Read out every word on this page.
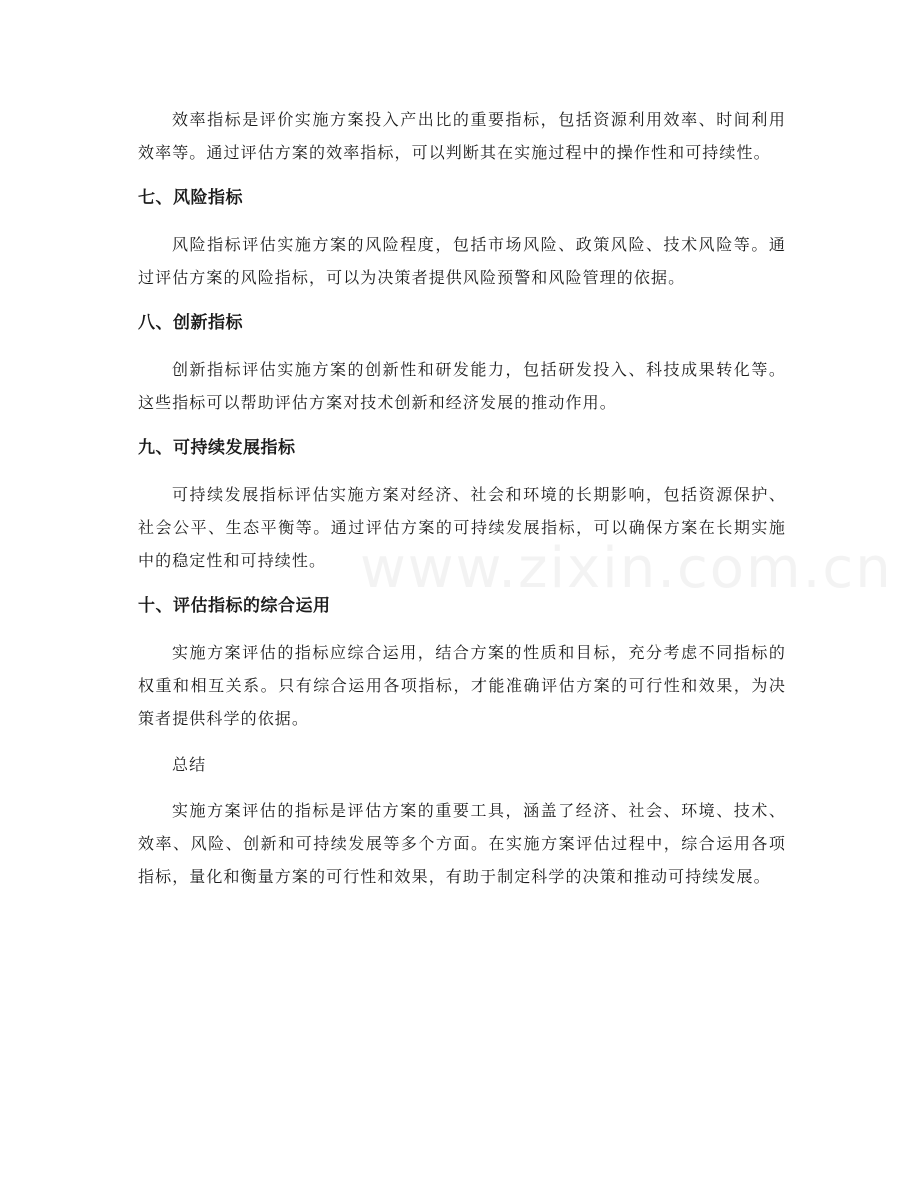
www.zixin.com.cn

效率指标是评价实施方案投入产出比的重要指标，包括资源利用效率、时间利用效率等。通过评估方案的效率指标，可以判断其在实施过程中的操作性和可持续性。

七、风险指标

风险指标评估实施方案的风险程度，包括市场风险、政策风险、技术风险等。通过评估方案的风险指标，可以为决策者提供风险预警和风险管理的依据。

八、创新指标

创新指标评估实施方案的创新性和研发能力，包括研发投入、科技成果转化等。这些指标可以帮助评估方案对技术创新和经济发展的推动作用。

九、可持续发展指标

可持续发展指标评估实施方案对经济、社会和环境的长期影响，包括资源保护、社会公平、生态平衡等。通过评估方案的可持续发展指标，可以确保方案在长期实施中的稳定性和可持续性。

十、评估指标的综合运用

实施方案评估的指标应综合运用，结合方案的性质和目标，充分考虑不同指标的权重和相互关系。只有综合运用各项指标，才能准确评估方案的可行性和效果，为决策者提供科学的依据。

总结

实施方案评估的指标是评估方案的重要工具，涵盖了经济、社会、环境、技术、效率、风险、创新和可持续发展等多个方面。在实施方案评估过程中，综合运用各项指标，量化和衡量方案的可行性和效果，有助于制定科学的决策和推动可持续发展。
